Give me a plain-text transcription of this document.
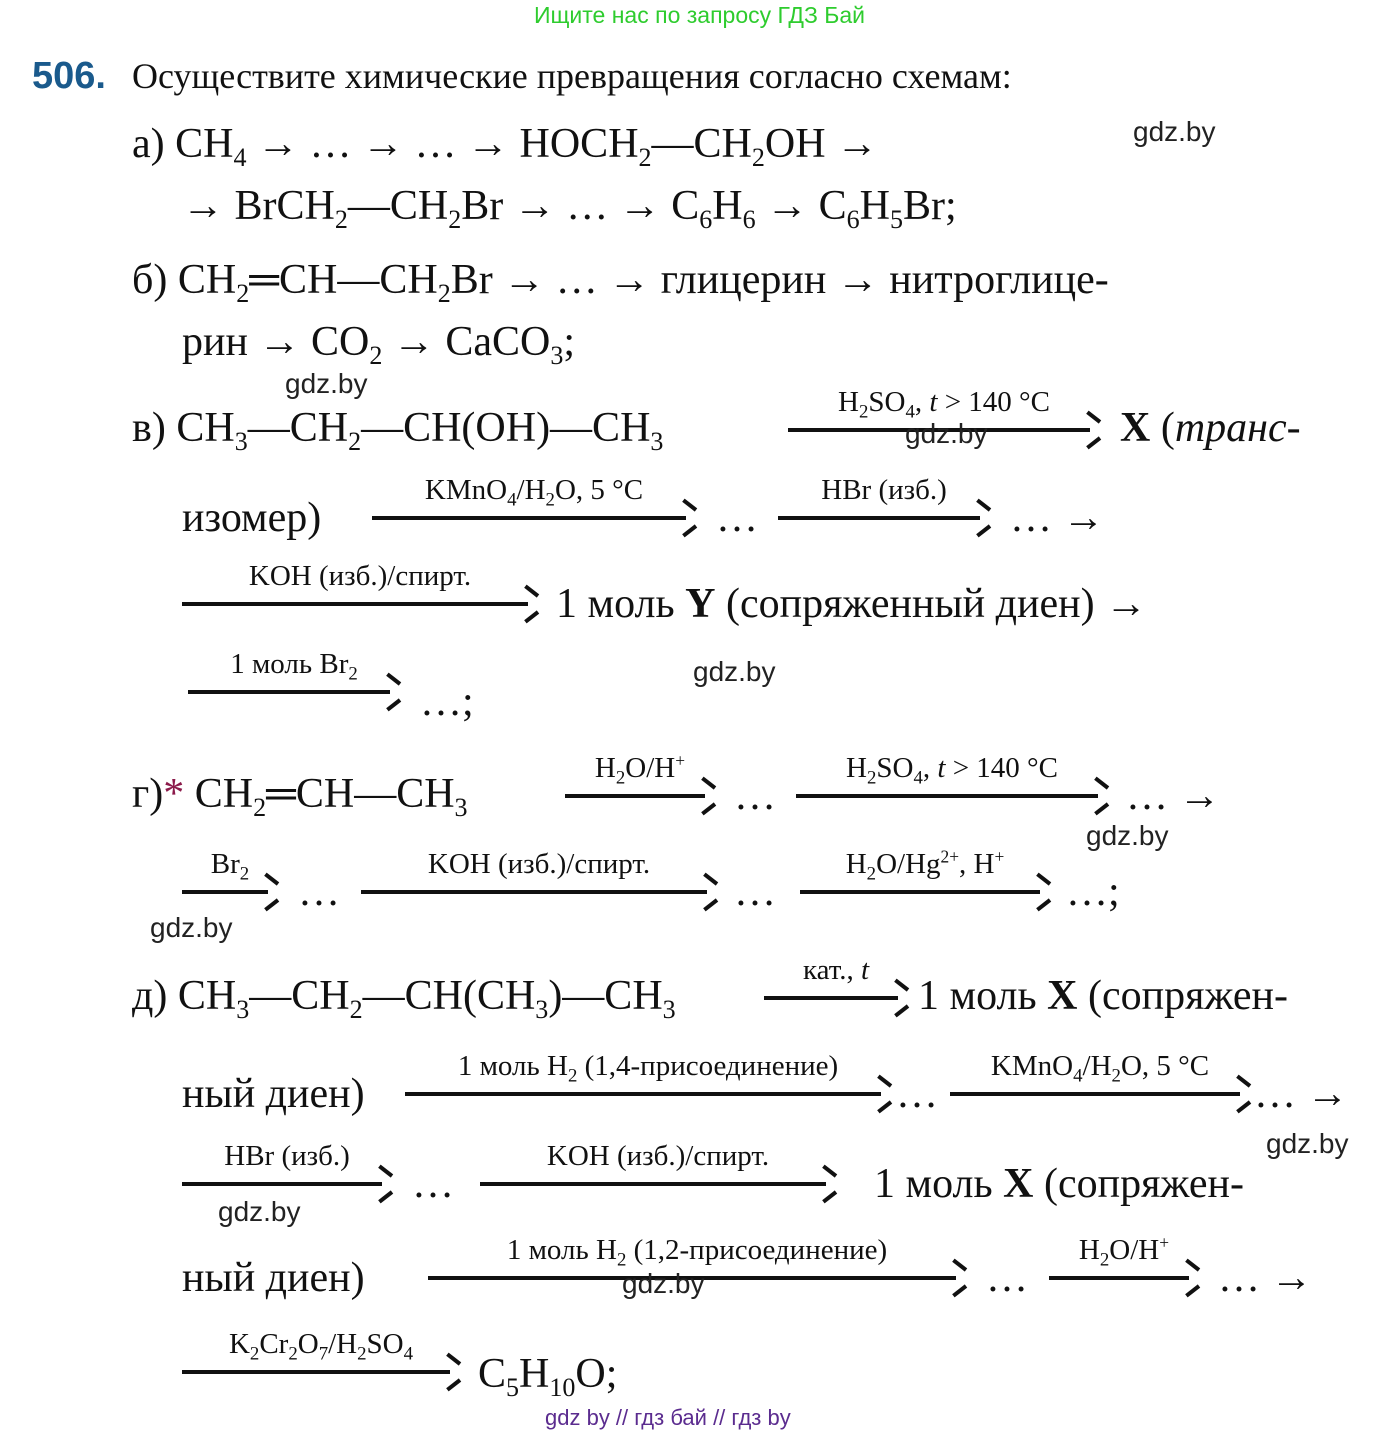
Ищите нас по запросу ГДЗ Бай
506. Осуществите химические превращения согласно схемам:
а) $CH_4$ → … → … → $HOCH_2—CH_2OH$ →	gdz.by
→ $BrCH_2—CH_2Br$ → … → $C_6H_6 \to C_6H_5Br$;
б) $CH_2═CH—CH_2Br$ → … → глицерин → нитроглице-
рин → $CO_2$ → CaCO$_3$;
gdz.by
в) $CH_3—CH_2—CH(OH)—CH_3$
$H_2SO_4$, t > 140 °C
gdz.by	X (транс-
изомер)
$KMnO_4/H_2O$, 5 °C
…
HBr (изб.)
… →
KOH (изб.)/спирт.
1 моль Y (сопряженный диен) →
1 моль $Br_2$	gdz.by
…;
г)* $CH_2═CH—CH_3$
$H_2O/H^+$
…
$H_2SO_4$, t > 140 °C
… →
gdz.by
$Br_2$	…
KOH (изб.)/спирт.
…
$H_2O/Hg^{2+}$, H+
…;
gdz.by
д) $CH_3—CH_2—CH(CH_3)—CH_3$
кат., t
1 моль X (сопряжен-
ный диен)
1 моль $H_2$ (1,4-присоединение)
…
$KMnO_4/H_2O$, 5 °C
… →
gdz.by
HBr (изб.)
…
KOH (изб.)/спирт.
1 моль X (сопряжен-
gdz.by
ный диен)
1 моль $H_2$ (1,2-присоединение)
gdz.by	…
$H_2O/H^+$
… →
$K_2Cr_2O_7/H_2SO_4$	$C_5H_{10}O$;
gdz by // гдз бай // гдз by
